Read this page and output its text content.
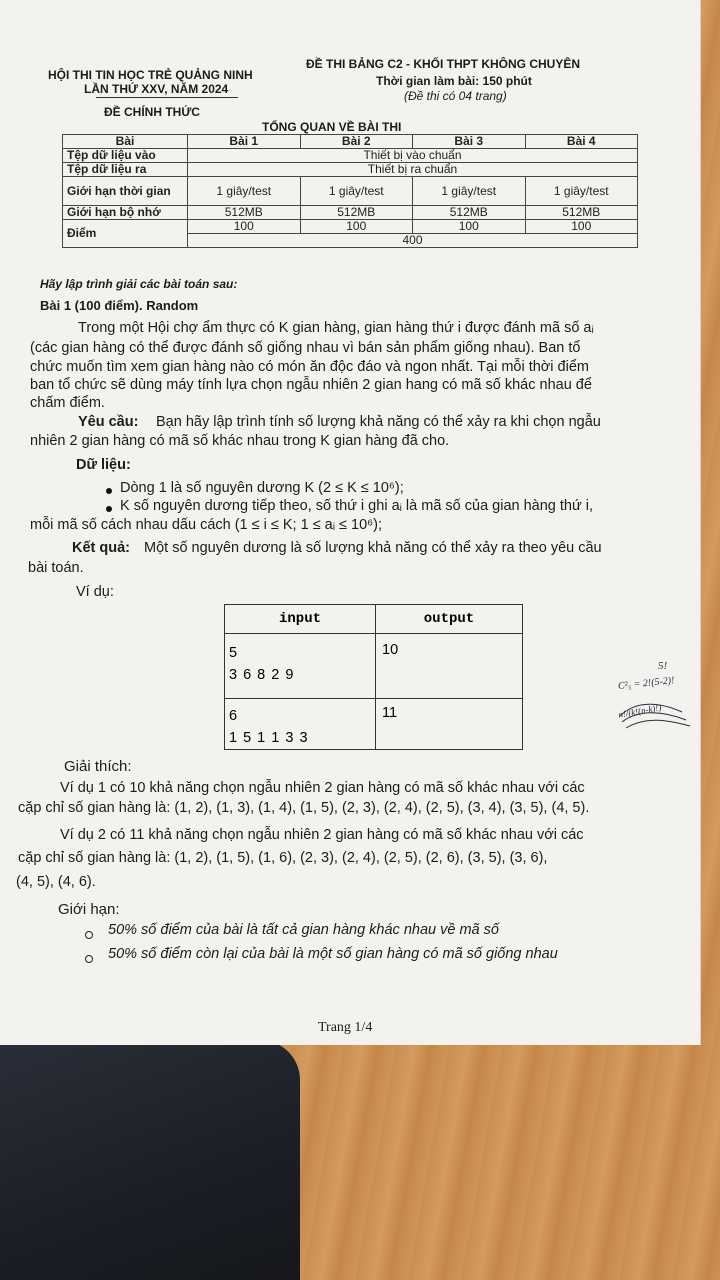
HỘI THI TIN HỌC TRẺ QUẢNG NINH
LẦN THỨ XXV, NĂM 2024
ĐỀ CHÍNH THỨC
ĐỀ THI BẢNG C2 - KHỐI THPT KHÔNG CHUYÊN
Thời gian làm bài: 150 phút
(Đề thi có 04 trang)
TỔNG QUAN VỀ BÀI THI
Bài	Bài 1	Bài 2	Bài 3	Bài 4
Tệp dữ liệu vào	Thiết bị vào chuẩn			
Tệp dữ liệu ra	Thiết bị ra chuẩn			
Giới hạn thời gian	1 giây/test	1 giây/test	1 giây/test	1 giây/test
Giới hạn bộ nhớ	512MB	512MB	512MB	512MB
Điểm	100	100	100	100
	400			
Hãy lập trình giải các bài toán sau:
Bài 1 (100 điểm). Random
Trong một Hội chợ ẩm thực có K gian hàng, gian hàng thứ i được đánh mã số aᵢ
(các gian hàng có thể được đánh số giống nhau vì bán sản phẩm giống nhau). Ban tổ
chức muốn tìm xem gian hàng nào có món ăn độc đáo và ngon nhất. Tại mỗi thời điểm
ban tổ chức sẽ dùng máy tính lựa chọn ngẫu nhiên 2 gian hang có mã số khác nhau để
chấm điểm.
Yêu cầu: Bạn hãy lập trình tính số lượng khả năng có thể xảy ra khi chọn ngẫu
nhiên 2 gian hàng có mã số khác nhau trong K gian hàng đã cho.
Dữ liệu:
Dòng 1 là số nguyên dương K (2 ≤ K ≤ 10⁶);
K số nguyên dương tiếp theo, số thứ i ghi aᵢ là mã số của gian hàng thứ i,
mỗi mã số cách nhau dấu cách (1 ≤ i ≤ K; 1 ≤ aᵢ ≤ 10⁶);
Kết quả: Một số nguyên dương là số lượng khả năng có thể xảy ra theo yêu cầu
bài toán.
Ví dụ:
input	output

5
3 6 8 2 9	10

6
1 5 1 1 3 3	11
Giải thích:
Ví dụ 1 có 10 khả năng chọn ngẫu nhiên 2 gian hàng có mã số khác nhau với các
cặp chỉ số gian hàng là: (1, 2), (1, 3), (1, 4), (1, 5), (2, 3), (2, 4), (2, 5), (3, 4), (3, 5), (4, 5).
Ví dụ 2 có 11 khả năng chọn ngẫu nhiên 2 gian hàng có mã số khác nhau với các
cặp chỉ số gian hàng là: (1, 2), (1, 5), (1, 6), (2, 3), (2, 4), (2, 5), (2, 6), (3, 5), (3, 6),
(4, 5), (4, 6).
Giới hạn:
50% số điểm của bài là tất cả gian hàng khác nhau về mã số
50% số điểm còn lại của bài là một số gian hàng có mã số giống nhau
5!
C²₅ = 2!(5-2)!
n!/(k!(n-k)!)
Trang 1/4
